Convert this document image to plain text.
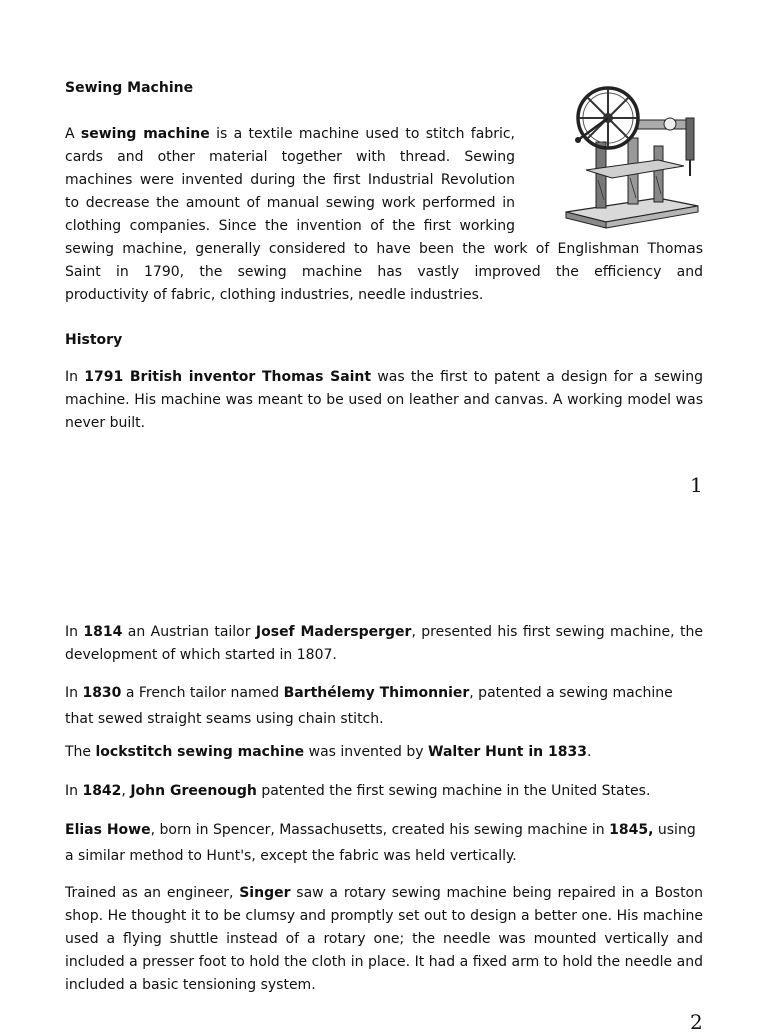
Sewing Machine
A sewing machine is a textile machine used to stitch fabric,
cards and other material together with thread. Sewing
machines were invented during the first Industrial Revolution
to decrease the amount of manual sewing work performed in
clothing companies. Since the invention of the first working
sewing machine, generally considered to have been the work of Englishman Thomas
Saint in 1790, the sewing machine has vastly improved the efficiency and
productivity of fabric, clothing industries, needle industries.
History

In 1791 British inventor Thomas Saint was the first to patent a design for a sewing machine. His machine was meant to be used on leather and canvas. A working model was never built.

1

In 1814 an Austrian tailor Josef Madersperger, presented his first sewing machine, the development of which started in 1807.

In 1830 a French tailor named Barthélemy Thimonnier, patented a sewing machine that sewed straight seams using chain stitch.

The lockstitch sewing machine was invented by Walter Hunt in 1833.

In 1842, John Greenough patented the first sewing machine in the United States.

Elias Howe, born in Spencer, Massachusetts, created his sewing machine in 1845, using a similar method to Hunt's, except the fabric was held vertically.

Trained as an engineer, Singer saw a rotary sewing machine being repaired in a Boston shop. He thought it to be clumsy and promptly set out to design a better one. His machine used a flying shuttle instead of a rotary one; the needle was mounted vertically and included a presser foot to hold the cloth in place. It had a fixed arm to hold the needle and included a basic tensioning system.

2
